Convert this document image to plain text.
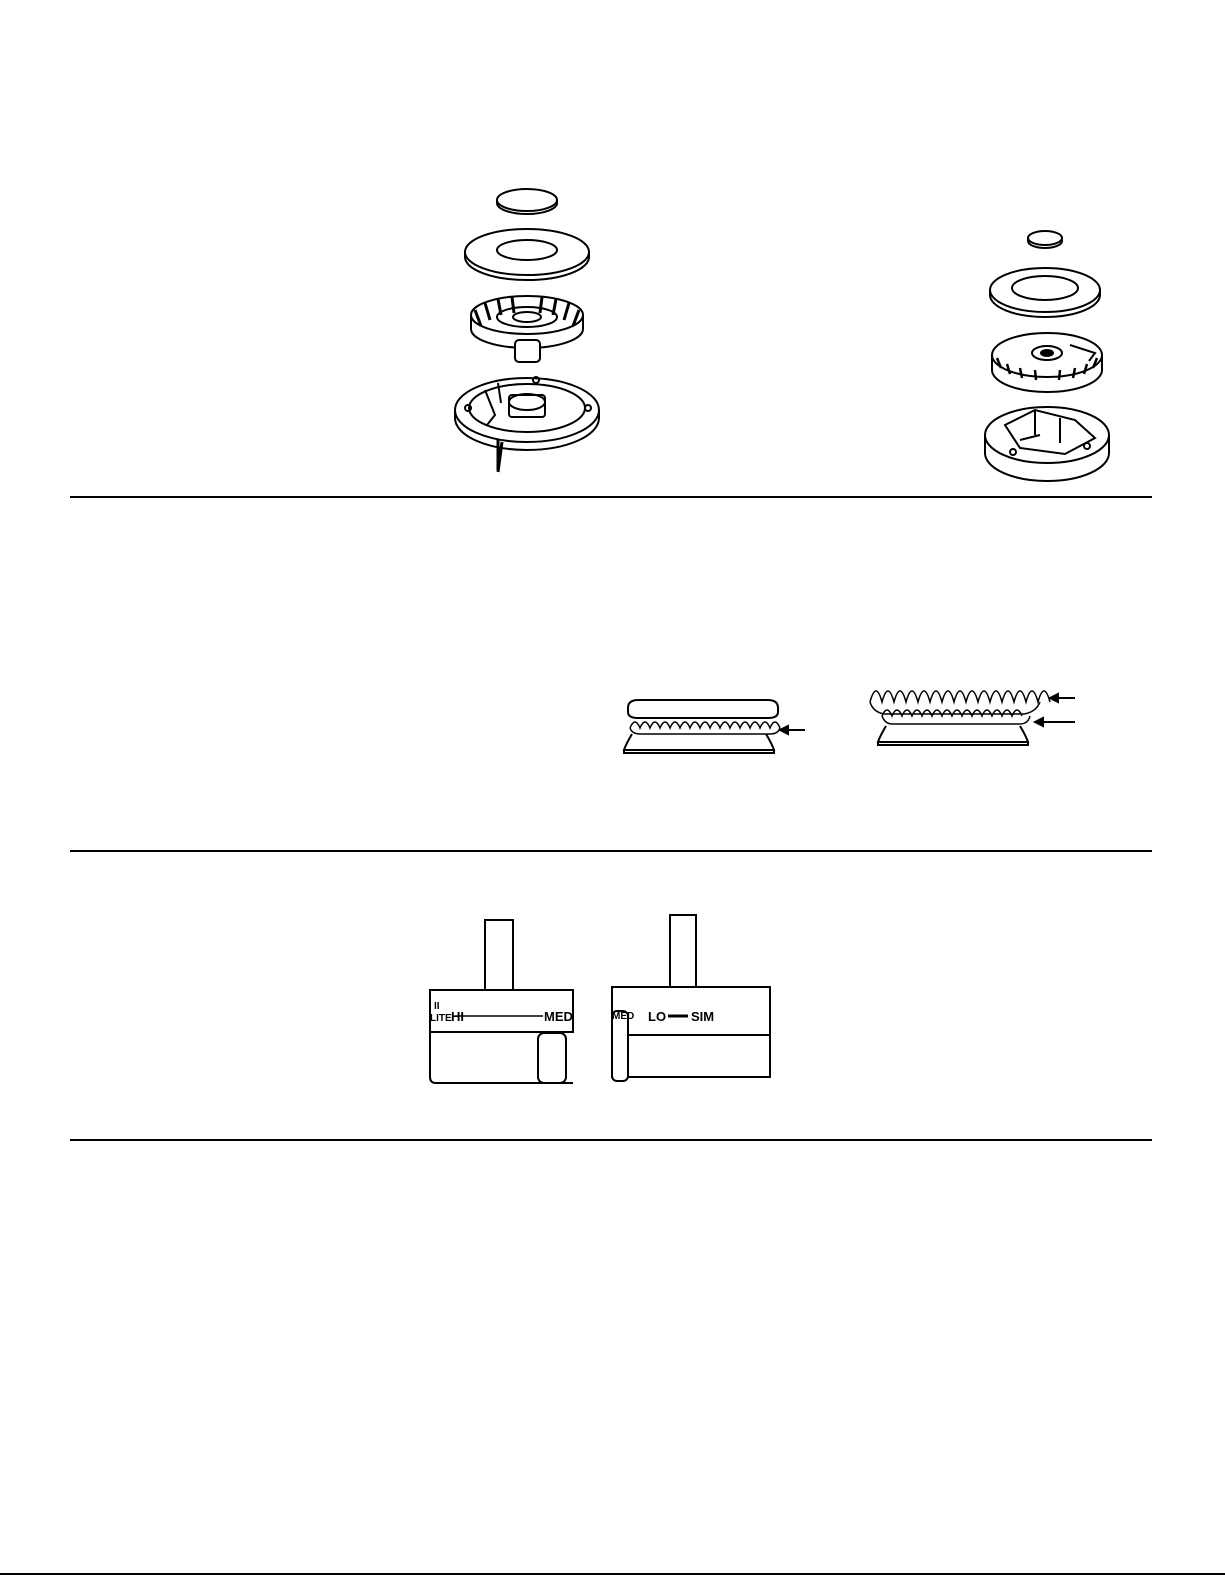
II
LITE HI	MED	MED LO SIM
